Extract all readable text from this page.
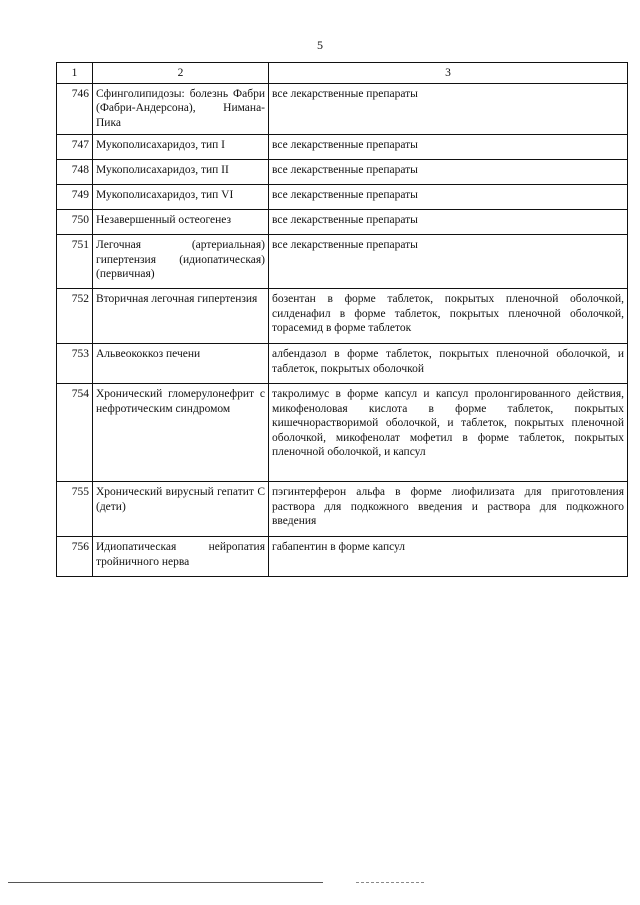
5
1	2	3
746	Сфинголипидозы: болезнь Фабри (Фабри-Андерсона), Нимана-Пика	все лекарственные препараты
747	Мукополисахаридоз, тип I	все лекарственные препараты
748	Мукополисахаридоз, тип II	все лекарственные препараты
749	Мукополисахаридоз, тип VI	все лекарственные препараты
750	Незавершенный остеогенез	все лекарственные препараты
751	Легочная (артериальная) гипертензия (идиопатическая) (первичная)	все лекарственные препараты
752	Вторичная легочная гипертензия	бозентан в форме таблеток, покрытых пленочной оболочкой, силденафил в форме таблеток, покрытых пленочной оболочкой, торасемид в форме таблеток
753	Альвеококкоз печени	албендазол в форме таблеток, покрытых пленочной оболочкой, и таблеток, покрытых оболочкой
754	Хронический гломерулонефрит с нефротическим синдромом	такролимус в форме капсул и капсул пролонгированного действия, микофеноловая кислота в форме таблеток, покрытых кишечнорастворимой оболочкой, и таблеток, покрытых пленочной оболочкой, микофенолат мофетил в форме таблеток, покрытых пленочной оболочкой, и капсул
755	Хронический вирусный гепатит С (дети)	пэгинтерферон альфа в форме лиофилизата для приготовления раствора для подкожного введения и раствора для подкожного введения
756	Идиопатическая нейропатия тройничного нерва	габапентин в форме капсул
